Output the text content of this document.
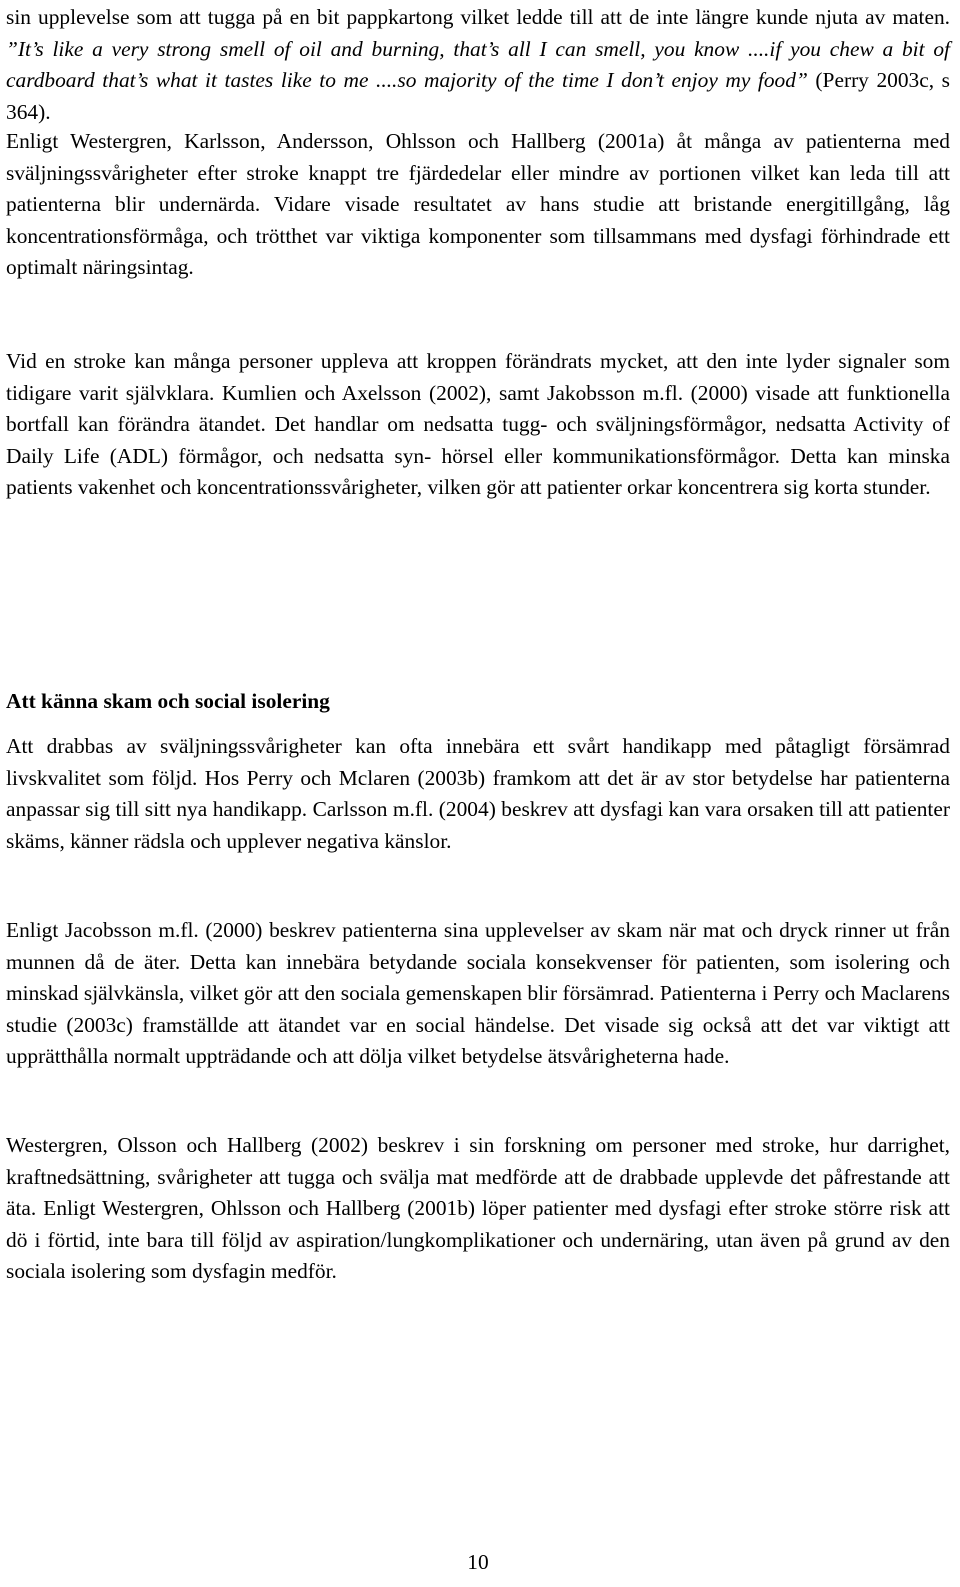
sin upplevelse som att tugga på en bit pappkartong vilket ledde till att de inte längre kunde njuta av maten. ”It’s like a very strong smell of oil and burning, that’s all I can smell, you know ....if you chew a bit of cardboard that’s what it tastes like to me ....so majority of the time I don’t enjoy my food” (Perry 2003c, s 364).

Enligt Westergren, Karlsson, Andersson, Ohlsson och Hallberg (2001a) åt många av patienterna med sväljningssvårigheter efter stroke knappt tre fjärdedelar eller mindre av portionen vilket kan leda till att patienterna blir undernärda. Vidare visade resultatet av hans studie att bristande energitillgång, låg koncentrationsförmåga, och trötthet var viktiga komponenter som tillsammans med dysfagi förhindrade ett optimalt näringsintag.

Vid en stroke kan många personer uppleva att kroppen förändrats mycket, att den inte lyder signaler som tidigare varit självklara. Kumlien och Axelsson (2002), samt Jakobsson m.fl. (2000) visade att funktionella bortfall kan förändra ätandet. Det handlar om nedsatta tugg- och sväljningsförmågor, nedsatta Activity of Daily Life (ADL) förmågor, och nedsatta syn- hörsel eller kommunikationsförmågor. Detta kan minska patients vakenhet och koncentrationssvårigheter, vilken gör att patienter orkar koncentrera sig korta stunder.

Att känna skam och social isolering

Att drabbas av sväljningssvårigheter kan ofta innebära ett svårt handikapp med påtagligt försämrad livskvalitet som följd. Hos Perry och Mclaren (2003b) framkom att det är av stor betydelse har patienterna anpassar sig till sitt nya handikapp. Carlsson m.fl. (2004) beskrev att dysfagi kan vara orsaken till att patienter skäms, känner rädsla och upplever negativa känslor.

Enligt Jacobsson m.fl. (2000) beskrev patienterna sina upplevelser av skam när mat och dryck rinner ut från munnen då de äter. Detta kan innebära betydande sociala konsekvenser för patienten, som isolering och minskad självkänsla, vilket gör att den sociala gemenskapen blir försämrad. Patienterna i Perry och Maclarens studie (2003c) framställde att ätandet var en social händelse. Det visade sig också att det var viktigt att upprätthålla normalt uppträdande och att dölja vilket betydelse ätsvårigheterna hade.

Westergren, Olsson och Hallberg (2002) beskrev i sin forskning om personer med stroke, hur darrighet, kraftnedsättning, svårigheter att tugga och svälja mat medförde att de drabbade upplevde det påfrestande att äta. Enligt Westergren, Ohlsson och Hallberg (2001b) löper patienter med dysfagi efter stroke större risk att dö i förtid, inte bara till följd av aspiration/lungkomplikationer och undernäring, utan även på grund av den sociala isolering som dysfagin medför.

10
